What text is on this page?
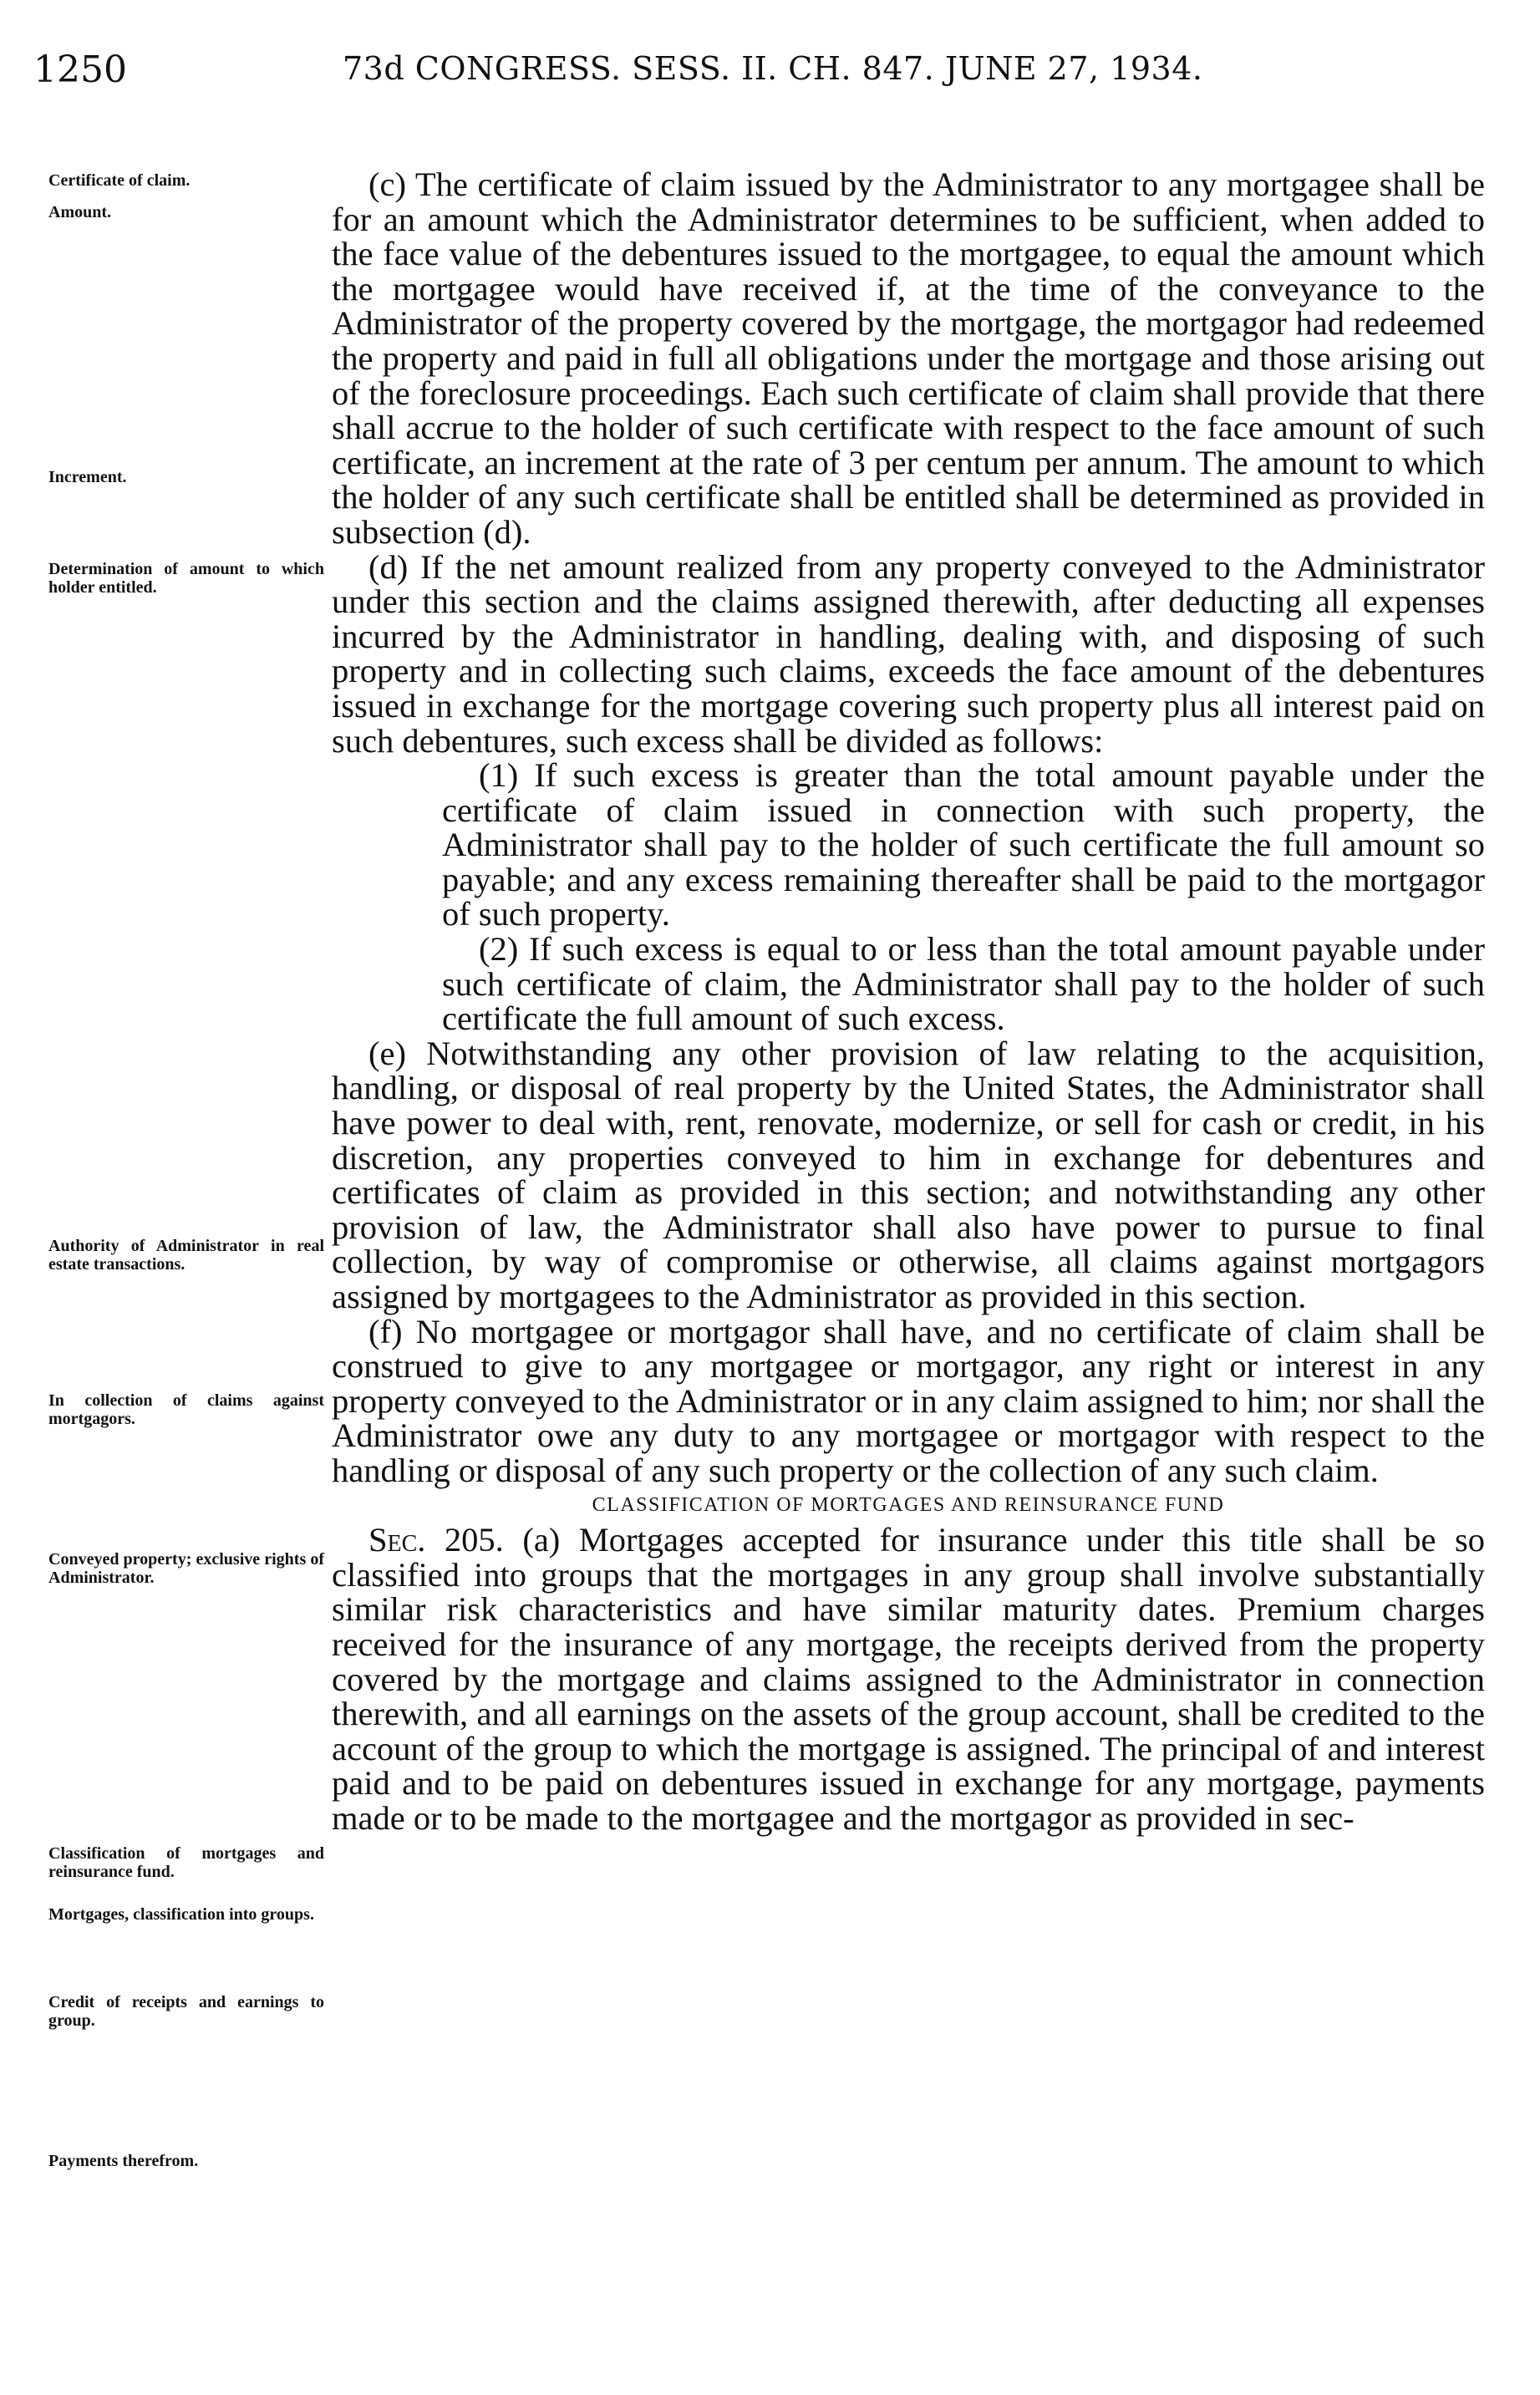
1250	73d CONGRESS. SESS. II. CH. 847. JUNE 27, 1934.
Certificate of claim.
Amount.
Increment.
Determination of amount to which holder entitled.
Authority of Administrator in real estate transactions.
In collection of claims against mortgagors.
Conveyed property; exclusive rights of Administrator.
Classification of mortgages and reinsurance fund.
Mortgages, classification into groups.
Credit of receipts and earnings to group.
Payments therefrom.

(c) The certificate of claim issued by the Administrator to any mortgagee shall be for an amount which the Administrator determines to be sufficient, when added to the face value of the debentures issued to the mortgagee, to equal the amount which the mortgagee would have received if, at the time of the conveyance to the Administrator of the property covered by the mortgage, the mortgagor had redeemed the property and paid in full all obligations under the mortgage and those arising out of the foreclosure proceedings. Each such certificate of claim shall provide that there shall accrue to the holder of such certificate with respect to the face amount of such certificate, an increment at the rate of 3 per centum per annum. The amount to which the holder of any such certificate shall be entitled shall be determined as provided in subsection (d).

(d) If the net amount realized from any property conveyed to the Administrator under this section and the claims assigned therewith, after deducting all expenses incurred by the Administrator in handling, dealing with, and disposing of such property and in collecting such claims, exceeds the face amount of the debentures issued in exchange for the mortgage covering such property plus all interest paid on such debentures, such excess shall be divided as follows:

(1) If such excess is greater than the total amount payable under the certificate of claim issued in connection with such property, the Administrator shall pay to the holder of such certificate the full amount so payable; and any excess remaining thereafter shall be paid to the mortgagor of such property.

(2) If such excess is equal to or less than the total amount payable under such certificate of claim, the Administrator shall pay to the holder of such certificate the full amount of such excess.

(e) Notwithstanding any other provision of law relating to the acquisition, handling, or disposal of real property by the United States, the Administrator shall have power to deal with, rent, renovate, modernize, or sell for cash or credit, in his discretion, any properties conveyed to him in exchange for debentures and certificates of claim as provided in this section; and notwithstanding any other provision of law, the Administrator shall also have power to pursue to final collection, by way of compromise or otherwise, all claims against mortgagors assigned by mortgagees to the Administrator as provided in this section.

(f) No mortgagee or mortgagor shall have, and no certificate of claim shall be construed to give to any mortgagee or mortgagor, any right or interest in any property conveyed to the Administrator or in any claim assigned to him; nor shall the Administrator owe any duty to any mortgagee or mortgagor with respect to the handling or disposal of any such property or the collection of any such claim.

CLASSIFICATION OF MORTGAGES AND REINSURANCE FUND

Sec. 205. (a) Mortgages accepted for insurance under this title shall be so classified into groups that the mortgages in any group shall involve substantially similar risk characteristics and have similar maturity dates. Premium charges received for the insurance of any mortgage, the receipts derived from the property covered by the mortgage and claims assigned to the Administrator in connection therewith, and all earnings on the assets of the group account, shall be credited to the account of the group to which the mortgage is assigned. The principal of and interest paid and to be paid on debentures issued in exchange for any mortgage, payments made or to be made to the mortgagee and the mortgagor as provided in sec-
